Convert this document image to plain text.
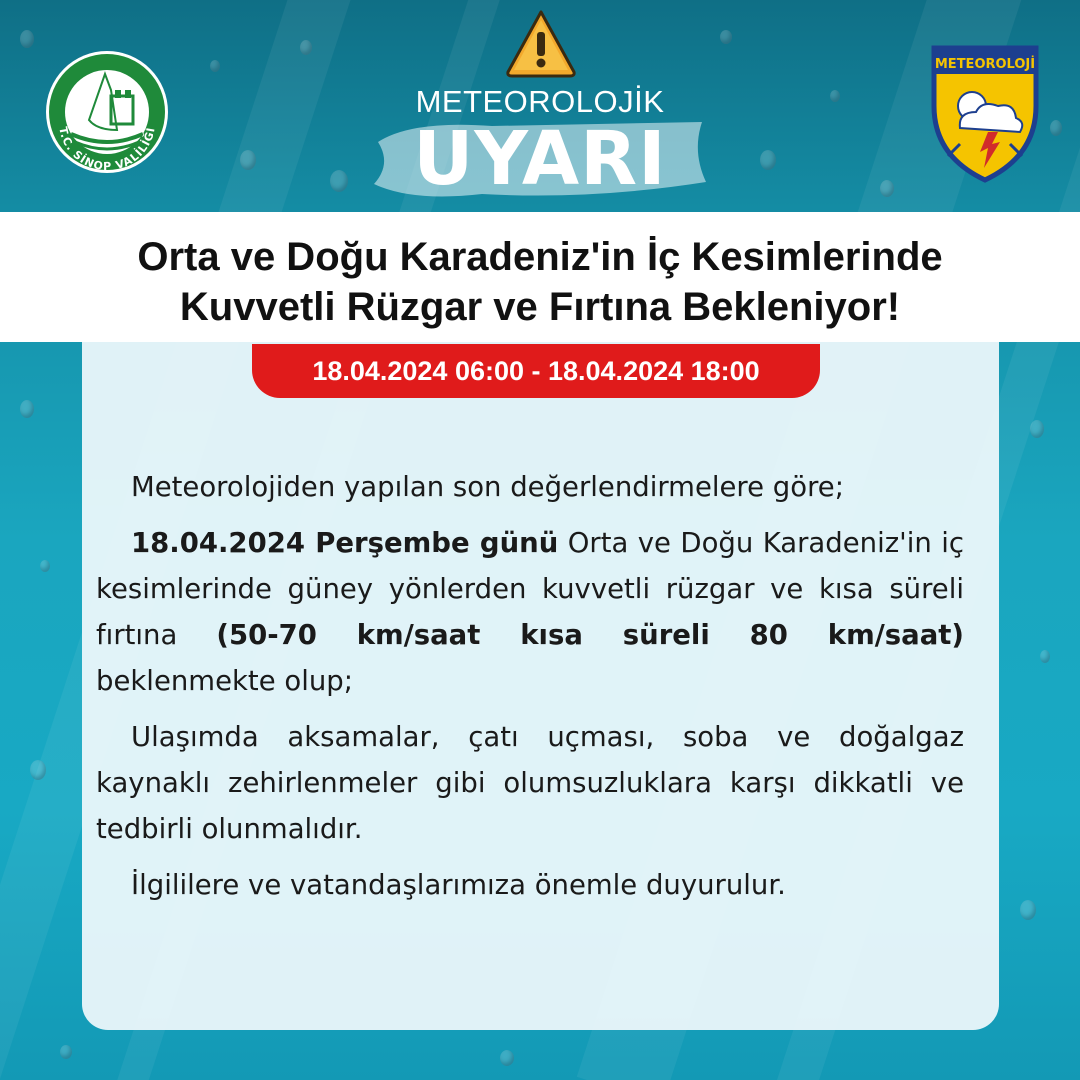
T.C. SİNOP VALİLİĞİ
METEOROLOJİK
UYARI
METEOROLOJİ
Orta ve Doğu Karadeniz'in İç Kesimlerinde
Kuvvetli Rüzgar ve Fırtına Bekleniyor!
18.04.2024 06:00 - 18.04.2024 18:00

Meteorolojiden yapılan son değerlendirmelere göre;

18.04.2024 Perşembe günü Orta ve Doğu Karadeniz'in iç kesimlerinde güney yönlerden kuvvetli rüzgar ve kısa süreli fırtına (50-70 km/saat kısa süreli 80 km/saat) beklenmekte olup;

Ulaşımda aksamalar, çatı uçması, soba ve doğalgaz kaynaklı zehirlenmeler gibi olumsuzluklara karşı dikkatli ve tedbirli olunmalıdır.

İlgililere ve vatandaşlarımıza önemle duyurulur.
